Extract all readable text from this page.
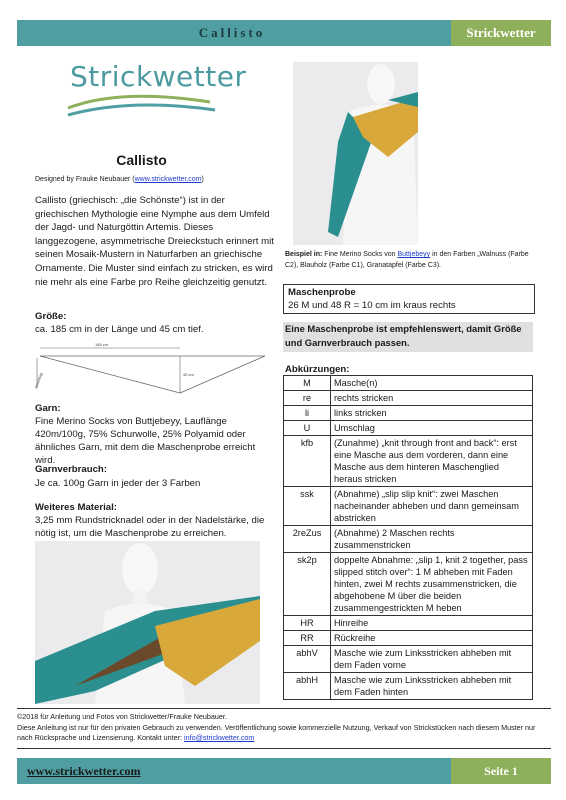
Callisto	Strickwetter
Strickwetter
Callisto
Designed by Frauke Neubauer (www.strickwetter.com)
Callisto (griechisch: „die Schönste“) ist in der griechischen Mythologie eine Nymphe aus dem Umfeld der Jagd- und Naturgöttin Artemis. Dieses langgezogene, asymmetrische Dreieckstuch erinnert mit seinen Mosaik-Mustern in Naturfarben an griechische Ornamente. Die Muster sind einfach zu stricken, es wird nie mehr als eine Farbe pro Reihe gleichzeitig genutzt.
Größe:
ca. 185 cm in der Länge und 45 cm tief.
185 cm
45 cm
Anschlag
Garn:
Fine Merino Socks von Buttjebeyy, Lauflänge 420m/100g, 75% Schurwolle, 25% Polyamid oder ähnliches Garn, mit dem die Maschenprobe erreicht wird.
Garnverbrauch:
Je ca. 100g Garn in jeder der 3 Farben
Weiteres Material:
3,25 mm Rundstricknadel oder in der Nadelstärke, die nötig ist, um die Maschenprobe zu erreichen.
Beispiel in: Fine Merino Socks von Buttjebeyy in den Farben „Walnuss (Farbe C2), Blauholz (Farbe C1), Granatapfel (Farbe C3).
Maschenprobe
26 M und 48 R = 10 cm im kraus rechts
Eine Maschenprobe ist empfehlenswert, damit Größe und Garnverbrauch passen.
Abkürzungen:
M	Masche(n)
re	rechts stricken
li	links stricken
U	Umschlag
kfb	(Zunahme) „knit through front and back“: erst eine Masche aus dem vorderen, dann eine Masche aus dem hinteren Maschenglied heraus stricken
ssk	(Abnahme) „slip slip knit“: zwei Maschen nacheinander abheben und dann gemeinsam abstricken
2reZus	(Abnahme) 2 Maschen rechts zusammenstricken
sk2p	doppelte Abnahme: „slip 1, knit 2 together, pass slipped stitch over“: 1 M abheben mit Faden hinten, zwei M rechts zusammenstricken, die abgehobene M über die beiden zusammengestrickten M heben
HR	Hinreihe
RR	Rückreihe
abhV	Masche wie zum Linksstricken abheben mit dem Faden vorne
abhH	Masche wie zum Linksstricken abheben mit dem Faden hinten
©2018 für Anleitung und Fotos von Strickwetter/Frauke Neubauer.
Diese Anleitung ist nur für den privaten Gebrauch zu verwenden. Veröffentlichung sowie kommerzielle Nutzung, Verkauf von Strickstücken nach diesem Muster nur nach Rücksprache und Lizensierung. Kontakt unter: info@strickwetter.com
www.strickwetter.com	Seite 1
